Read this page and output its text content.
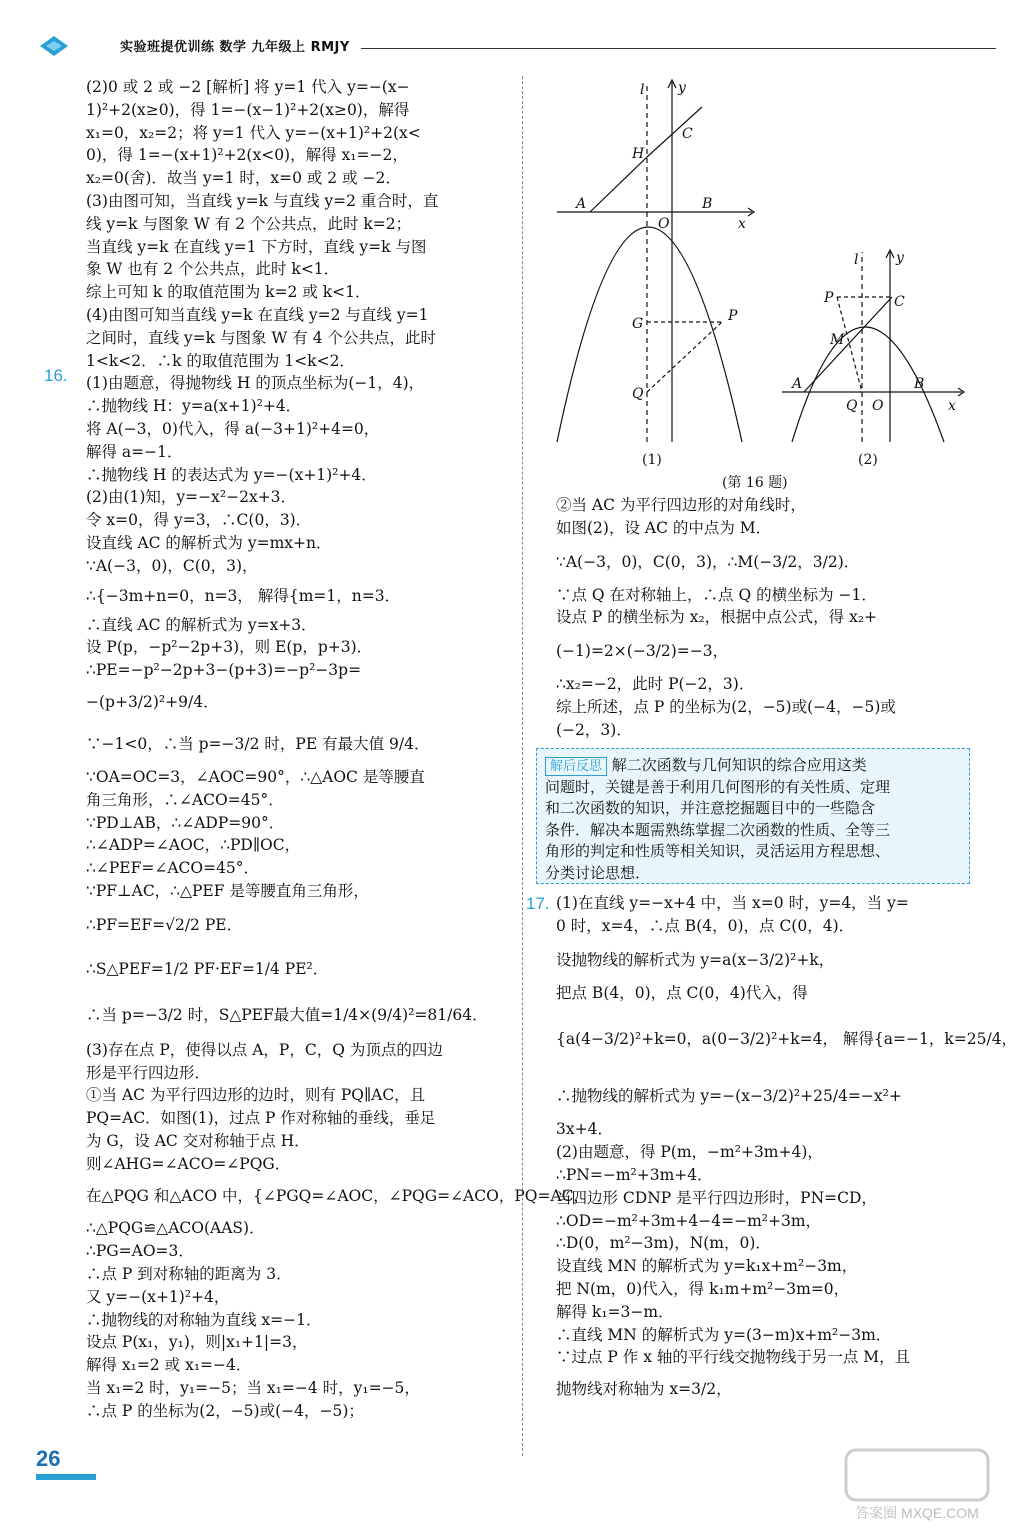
实验班提优训练 数学 九年级上 RMJY
16.
17.

(2)0 或 2 或 −2 [解析] 将 y=1 代入 y=−(x−

1)²+2(x≥0)，得 1=−(x−1)²+2(x≥0)，解得

x₁=0，x₂=2；将 y=1 代入 y=−(x+1)²+2(x<

0)，得 1=−(x+1)²+2(x<0)，解得 x₁=−2，

x₂=0(舍)．故当 y=1 时，x=0 或 2 或 −2．

(3)由图可知，当直线 y=k 与直线 y=2 重合时，直

线 y=k 与图象 W 有 2 个公共点，此时 k=2；

当直线 y=k 在直线 y=1 下方时，直线 y=k 与图

象 W 也有 2 个公共点，此时 k<1．

综上可知 k 的取值范围为 k=2 或 k<1．

(4)由图可知当直线 y=k 在直线 y=2 与直线 y=1

之间时，直线 y=k 与图象 W 有 4 个公共点，此时

1<k<2．∴k 的取值范围为 1<k<2．

(1)由题意，得抛物线 H 的顶点坐标为(−1，4)，

∴抛物线 H：y=a(x+1)²+4．

将 A(−3，0)代入，得 a(−3+1)²+4=0，

解得 a=−1．

∴抛物线 H 的表达式为 y=−(x+1)²+4．

(2)由(1)知，y=−x²−2x+3．

令 x=0，得 y=3，∴C(0，3)．

设直线 AC 的解析式为 y=mx+n．

∵A(−3，0)，C(0，3)，

∴{−3m+n=0，n=3， 解得{m=1，n=3．

∴直线 AC 的解析式为 y=x+3．

设 P(p，−p²−2p+3)，则 E(p，p+3)．

∴PE=−p²−2p+3−(p+3)=−p²−3p=

−(p+3/2)²+9/4．

∵−1<0，∴当 p=−3/2 时，PE 有最大值 9/4．

∵OA=OC=3，∠AOC=90°，∴△AOC 是等腰直

角三角形，∴∠ACO=45°．

∵PD⊥AB，∴∠ADP=90°．

∴∠ADP=∠AOC，∴PD∥OC，

∴∠PEF=∠ACO=45°．

∵PF⊥AC，∴△PEF 是等腰直角三角形，

∴PF=EF=√2/2 PE．

∴S△PEF=1/2 PF·EF=1/4 PE²．

∴当 p=−3/2 时，S△PEF最大值=1/4×(9/4)²=81/64．

(3)存在点 P，使得以点 A，P，C，Q 为顶点的四边

形是平行四边形．

①当 AC 为平行四边形的边时，则有 PQ∥AC，且

PQ=AC．如图(1)，过点 P 作对称轴的垂线，垂足

为 G，设 AC 交对称轴于点 H．

则∠AHG=∠ACO=∠PQG．

在△PQG 和△ACO 中，{∠PGQ=∠AOC，∠PQG=∠ACO，PQ=AC，

∴△PQG≌△ACO(AAS)．

∴PG=AO=3．

∴点 P 到对称轴的距离为 3．

又 y=−(x+1)²+4，

∴抛物线的对称轴为直线 x=−1．

设点 P(x₁，y₁)，则|x₁+1|=3，

解得 x₁=2 或 x₁=−4．

当 x₁=2 时，y₁=−5；当 x₁=−4 时，y₁=−5，

∴点 P 的坐标为(2，−5)或(−4，−5)；

l y
C
H
A
O
B
x
G	P
Q
l	y
P	C
M
A
Q O
B
x
(1)	(2)
(第 16 题)

②当 AC 为平行四边形的对角线时，

如图(2)，设 AC 的中点为 M．

∵A(−3，0)，C(0，3)，∴M(−3/2，3/2)．

∵点 Q 在对称轴上，∴点 Q 的横坐标为 −1．

设点 P 的横坐标为 x₂，根据中点公式，得 x₂+

(−1)=2×(−3/2)=−3，

∴x₂=−2，此时 P(−2，3)．

综上所述，点 P 的坐标为(2，−5)或(−4，−5)或

(−2，3)．

解后反思 解二次函数与几何知识的综合应用这类

问题时，关键是善于利用几何图形的有关性质、定理

和二次函数的知识，并注意挖掘题目中的一些隐含

条件．解决本题需熟练掌握二次函数的性质、全等三

角形的判定和性质等相关知识，灵活运用方程思想、

分类讨论思想．

(1)在直线 y=−x+4 中，当 x=0 时，y=4，当 y=

0 时，x=4，∴点 B(4，0)，点 C(0，4)．

设抛物线的解析式为 y=a(x−3/2)²+k，

把点 B(4，0)，点 C(0，4)代入，得

{a(4−3/2)²+k=0，a(0−3/2)²+k=4， 解得{a=−1，k=25/4，

∴抛物线的解析式为 y=−(x−3/2)²+25/4=−x²+

3x+4．

(2)由题意，得 P(m，−m²+3m+4)，

∴PN=−m²+3m+4．

当四边形 CDNP 是平行四边形时，PN=CD，

∴OD=−m²+3m+4−4=−m²+3m，

∴D(0，m²−3m)，N(m，0)．

设直线 MN 的解析式为 y=k₁x+m²−3m，

把 N(m，0)代入，得 k₁m+m²−3m=0，

解得 k₁=3−m．

∴直线 MN 的解析式为 y=(3−m)x+m²−3m．

∵过点 P 作 x 轴的平行线交抛物线于另一点 M，且

抛物线对称轴为 x=3/2，

26
答案圈 MXQE.COM
